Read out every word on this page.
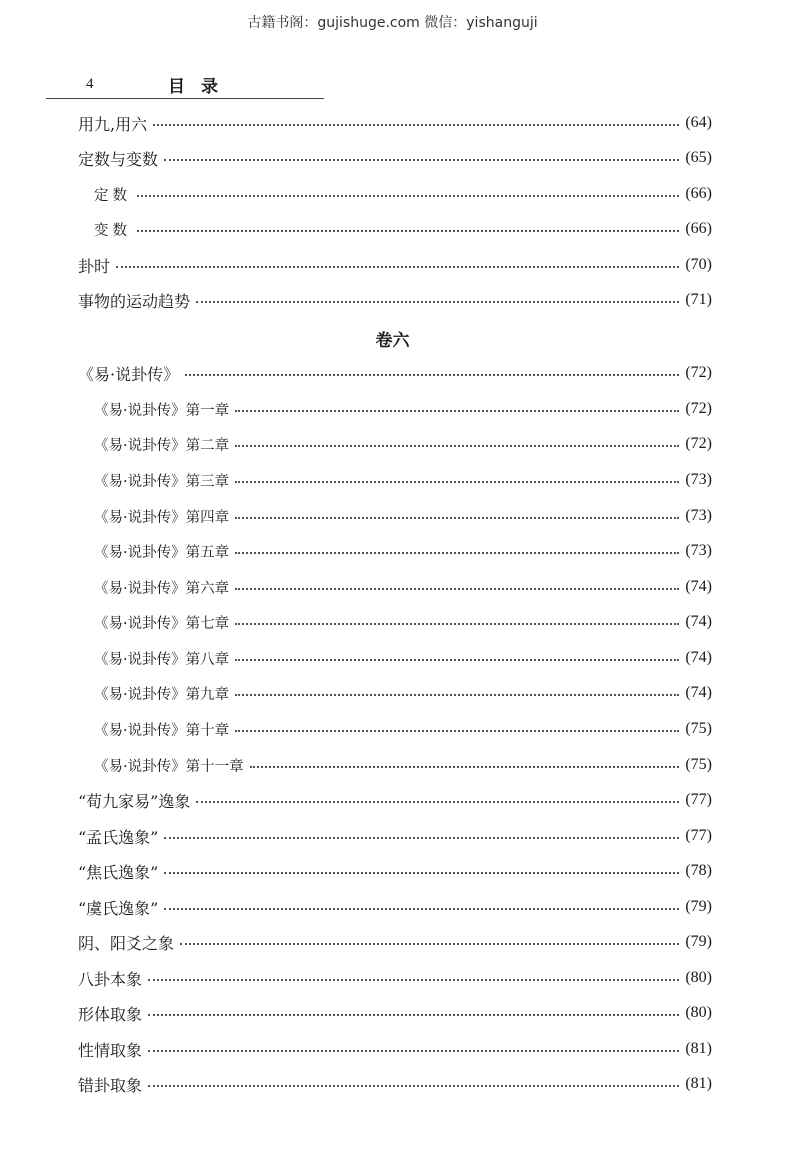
古籍书阁：gujishuge.com 微信：yishanguji
4	目录
用九,用六	(64)
定数与变数	(65)
定数	(66)
变数	(66)
卦时	(70)
事物的运动趋势	(71)
卷六
《易·说卦传》	(72)
《易·说卦传》第一章	(72)
《易·说卦传》第二章	(72)
《易·说卦传》第三章	(73)
《易·说卦传》第四章	(73)
《易·说卦传》第五章	(73)
《易·说卦传》第六章	(74)
《易·说卦传》第七章	(74)
《易·说卦传》第八章	(74)
《易·说卦传》第九章	(74)
《易·说卦传》第十章	(75)
《易·说卦传》第十一章	(75)
“荀九家易”逸象	(77)
“孟氏逸象”	(77)
“焦氏逸象”	(78)
“虞氏逸象”	(79)
阴、阳爻之象	(79)
八卦本象	(80)
形体取象	(80)
性情取象	(81)
错卦取象	(81)
